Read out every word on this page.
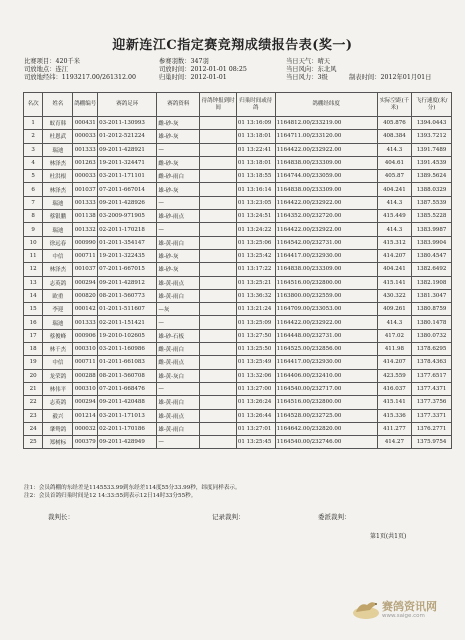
迎新连江C指定赛竞翔成绩报告表(奖一)
比赛项目：420千米	参赛羽数：347羽	当日天气：晴天
司放地点：连江	司放时间：2012-01-01 08:25	当日风向：东北风
司放地经纬：1193217.00/261312.00	归巢时间：2012-01-01	当日风力：3级	制表时间：2012年01月01日
名次	姓名	鸽棚编号	赛鸽足环	赛鸽资料	待鸽钟报到时间	归巢时间或待鸽	鸽棚经纬度	实际空距(千米)	飞行速度(米/分)
1	蚁育韩	000431	03-2011-130993	雌-砂-灰		01 13:16:09	1164812.00/233219.00	405.876	1394.0443
2	杜恩武	000033	01-2012-521224	雄-砂-灰		01 13:18:01	1164711.00/233120.00	408.384	1393.7212
3	瑞迪	001333	09-2011-428921	—		01 13:22:41	1164422.00/232922.00	414.3	1391.7489
4	林泽杰	001263	19-2011-324471	雌-砂-灰		01 13:18:01	1164838.00/233309.00	404.61	1391.4539
5	杜洪根	000033	03-2011-171101	雌-砂-雨白		01 13:18:55	1164744.00/233059.00	405.87	1389.5624
6	林泽杰	001037	07-2011-667014	雄-砂-灰		01 13:16:14	1164838.00/233309.00	404.241	1388.0329
7	瑞迪	001333	09-2011-428926	—		01 13:23:05	1164422.00/232922.00	414.3	1387.5539
8	蔡银鹏	001138	03-2009-971905	雄-砂-雨点		01 13:24:51	1164352.00/232720.00	415.449	1385.5228
9	瑞迪	001332	02-2011-170218	—		01 13:24:22	1164422.00/232922.00	414.3	1383.9987
10	徐远春	000990	01-2011-354147	雄-黄-雨白		01 13:25:06	1164542.00/232731.00	415.312	1383.9904
11	中信	000711	19-2011-322435	雄-砂-灰		01 13:25:42	1164417.00/232930.00	414.207	1380.4547
12	林泽杰	001037	07-2011-667015	雄-砂-灰		01 13:17:22	1164838.00/233309.00	404.241	1382.6492
13	志英鸽	000294	09-2011-428912	雄-黄-雨点		01 13:25:21	1164516.00/232800.00	415.141	1382.1908
14	欧重	000820	08-2011-560773	雄-黄-雨白		01 13:36:32	1163800.00/232559.00	430.322	1381.3047
15	李迎	000142	01-2011-511607	—灰		01 13:21:24	1164709.00/233053.00	409.261	1380.8759
16	瑞迪	001333	02-2011-151421	—		01 13:25:09	1164422.00/232922.00	414.3	1380.1478
17	蔡俊峰	000906	19-2010-102605	雄-砂-石板		01 13:27:50	1164448.00/232731.00	417.02	1380.0732
18	林千杰	000310	03-2011-160986	雌-黄-雨白		01 13:25:50	1164525.00/232856.00	411.98	1378.6295
19	中信	000711	01-2011-661083	雌-黄-雨点		01 13:25:49	1164417.00/232930.00	414.207	1378.4363
20	龙荣鸽	000288	08-2011-560708	雄-黄-灰白		01 13:32:06	1164406.00/232410.00	423.559	1377.6517
21	林伟平	000310	07-2011-668476	—		01 13:27:00	1164540.00/232717.00	416.037	1377.4371
22	志英鸽	000294	09-2011-420488	雄-黄-雨白		01 13:26:24	1164516.00/232800.00	415.141	1377.3756
23	毅兴	001214	03-2011-171013	雄-黄-雨点		01 13:26:44	1164528.00/232725.00	415.336	1377.3371
24	肇鸳鸽	000032	02-2011-170186	雄-黄-雨白		01 13:27:01	1164642.00/232820.00	411.277	1376.2771
25	郑树标	000379	09-2011-428949	—		01 13:25:45	1164540.00/232746.00	414.27	1375.9754
注1：会员鸽棚的东经差是1145533.99到东经差114度55分33.99秒，纬度同样表示。
注2：会员首鸽归巢时间是12 14:33:55到表示12日14时33分55秒。
裁判长：	记录裁判：	委派裁判：
第1页(共1页)
赛鸽资讯网
www.saige.com
